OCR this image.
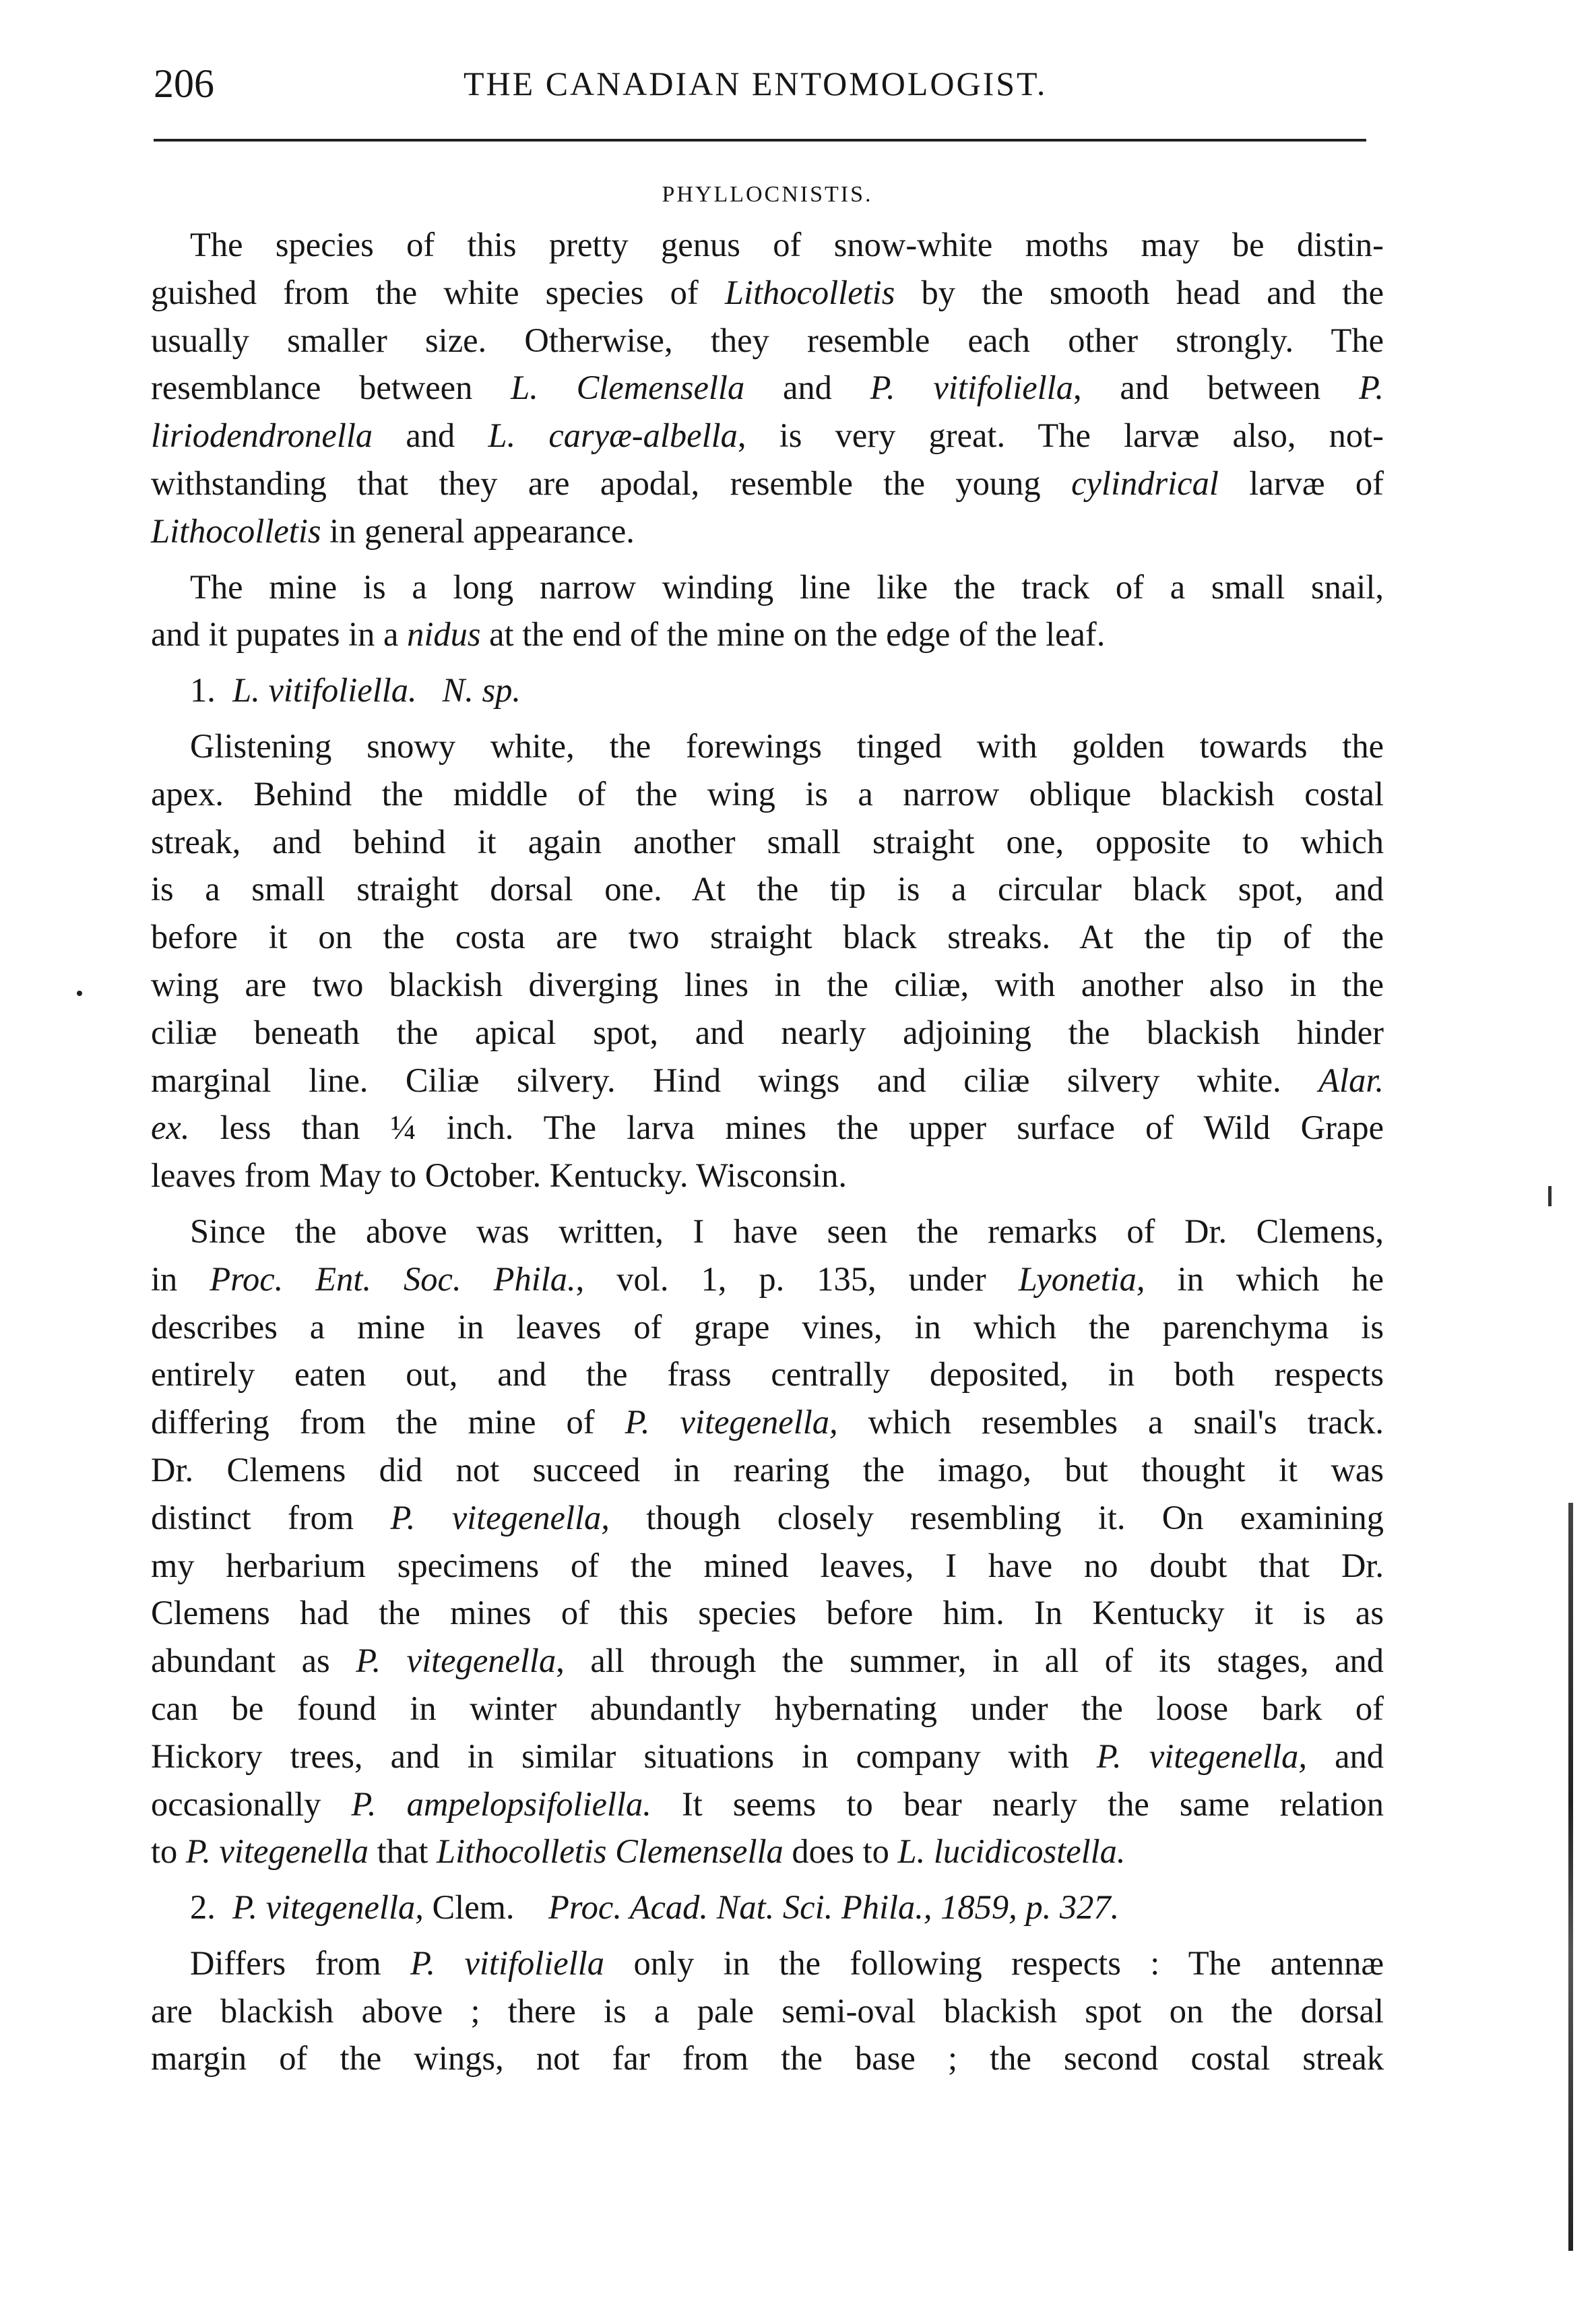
206	THE CANADIAN ENTOMOLOGIST.
PHYLLOCNISTIS.
The species of this pretty genus of snow-white moths may be distin-
guished from the white species of Lithocolletis by the smooth head and the
usually smaller size. Otherwise, they resemble each other strongly. The
resemblance between L. Clemensella and P. vitifoliella, and between P.
liriodendronella and L. caryæ-albella, is very great. The larvæ also, not-
withstanding that they are apodal, resemble the young cylindrical larvæ of
Lithocolletis in general appearance.
The mine is a long narrow winding line like the track of a small snail,
and it pupates in a nidus at the end of the mine on the edge of the leaf.
1. L. vitifoliella. N. sp.
Glistening snowy white, the forewings tinged with golden towards the
apex. Behind the middle of the wing is a narrow oblique blackish costal
streak, and behind it again another small straight one, opposite to which
is a small straight dorsal one. At the tip is a circular black spot, and
before it on the costa are two straight black streaks. At the tip of the
wing are two blackish diverging lines in the ciliæ, with another also in the
ciliæ beneath the apical spot, and nearly adjoining the blackish hinder
marginal line. Ciliæ silvery. Hind wings and ciliæ silvery white. Alar.
ex. less than ¼ inch. The larva mines the upper surface of Wild Grape
leaves from May to October. Kentucky. Wisconsin.
Since the above was written, I have seen the remarks of Dr. Clemens,
in Proc. Ent. Soc. Phila., vol. 1, p. 135, under Lyonetia, in which he
describes a mine in leaves of grape vines, in which the parenchyma is
entirely eaten out, and the frass centrally deposited, in both respects
differing from the mine of P. vitegenella, which resembles a snail's track.
Dr. Clemens did not succeed in rearing the imago, but thought it was
distinct from P. vitegenella, though closely resembling it. On examining
my herbarium specimens of the mined leaves, I have no doubt that Dr.
Clemens had the mines of this species before him. In Kentucky it is as
abundant as P. vitegenella, all through the summer, in all of its stages, and
can be found in winter abundantly hybernating under the loose bark of
Hickory trees, and in similar situations in company with P. vitegenella, and
occasionally P. ampelopsifoliella. It seems to bear nearly the same relation
to P. vitegenella that Lithocolletis Clemensella does to L. lucidicostella.
2. P. vitegenella, Clem. Proc. Acad. Nat. Sci. Phila., 1859, p. 327.
Differs from P. vitifoliella only in the following respects : The antennæ
are blackish above ; there is a pale semi-oval blackish spot on the dorsal
margin of the wings, not far from the base ; the second costal streak
